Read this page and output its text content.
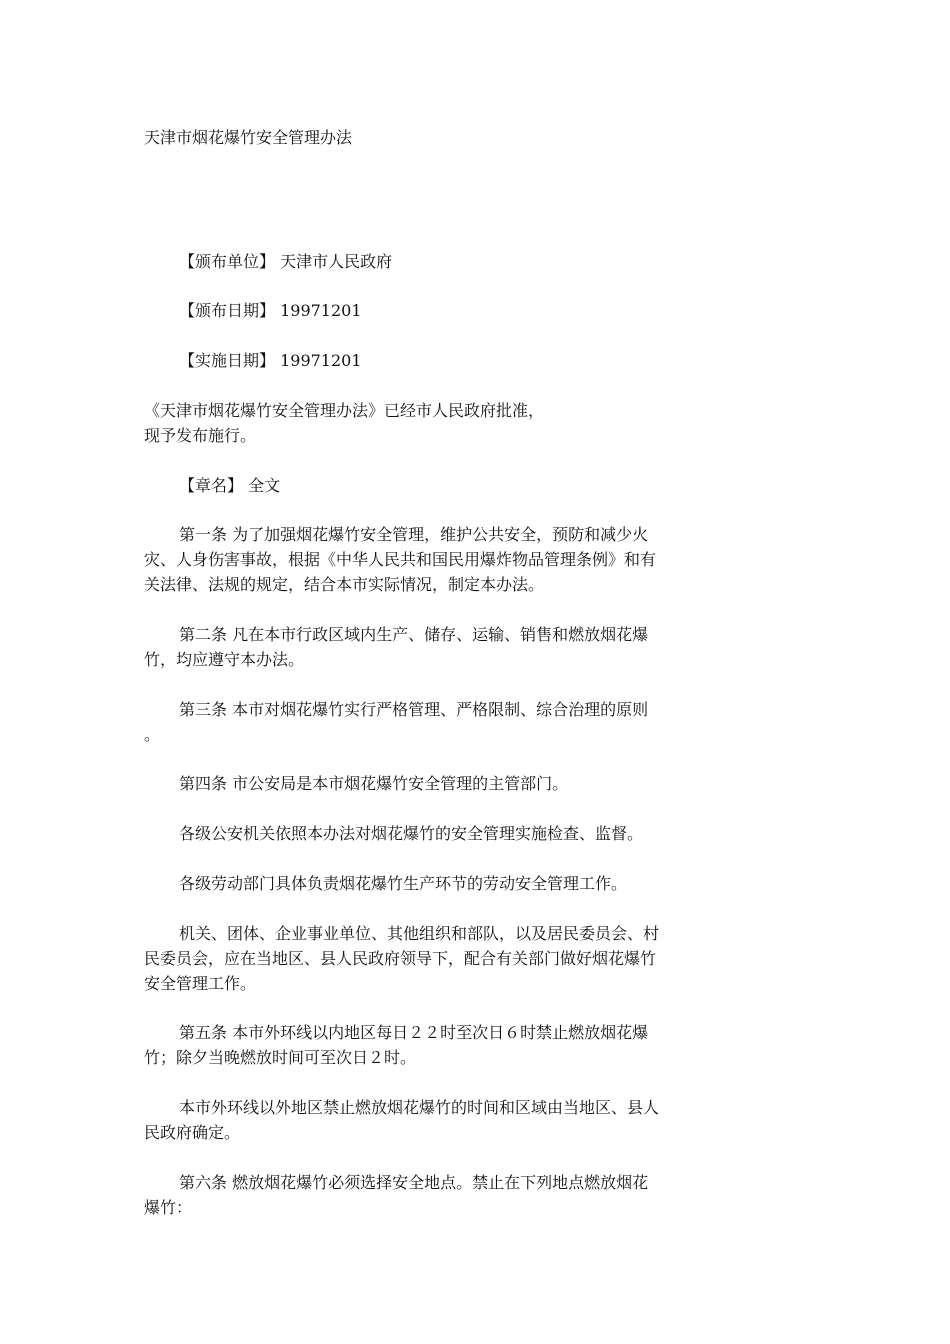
天津市烟花爆竹安全管理办法
【颁布单位】 天津市人民政府
【颁布日期】 19971201
【实施日期】 19971201
《天津市烟花爆竹安全管理办法》已经市人民政府批准，
现予发布施行。
【章名】 全文
第一条 为了加强烟花爆竹安全管理，维护公共安全，预防和减少火
灾、人身伤害事故，根据《中华人民共和国民用爆炸物品管理条例》和有
关法律、法规的规定，结合本市实际情况，制定本办法。
第二条 凡在本市行政区域内生产、储存、运输、销售和燃放烟花爆
竹，均应遵守本办法。
第三条 本市对烟花爆竹实行严格管理、严格限制、综合治理的原则
。
第四条 市公安局是本市烟花爆竹安全管理的主管部门。
各级公安机关依照本办法对烟花爆竹的安全管理实施检查、监督。
各级劳动部门具体负责烟花爆竹生产环节的劳动安全管理工作。
机关、团体、企业事业单位、其他组织和部队，以及居民委员会、村
民委员会，应在当地区、县人民政府领导下，配合有关部门做好烟花爆竹
安全管理工作。
第五条 本市外环线以内地区每日２２时至次日６时禁止燃放烟花爆
竹；除夕当晚燃放时间可至次日２时。
本市外环线以外地区禁止燃放烟花爆竹的时间和区域由当地区、县人
民政府确定。
第六条 燃放烟花爆竹必须选择安全地点。禁止在下列地点燃放烟花
爆竹：
